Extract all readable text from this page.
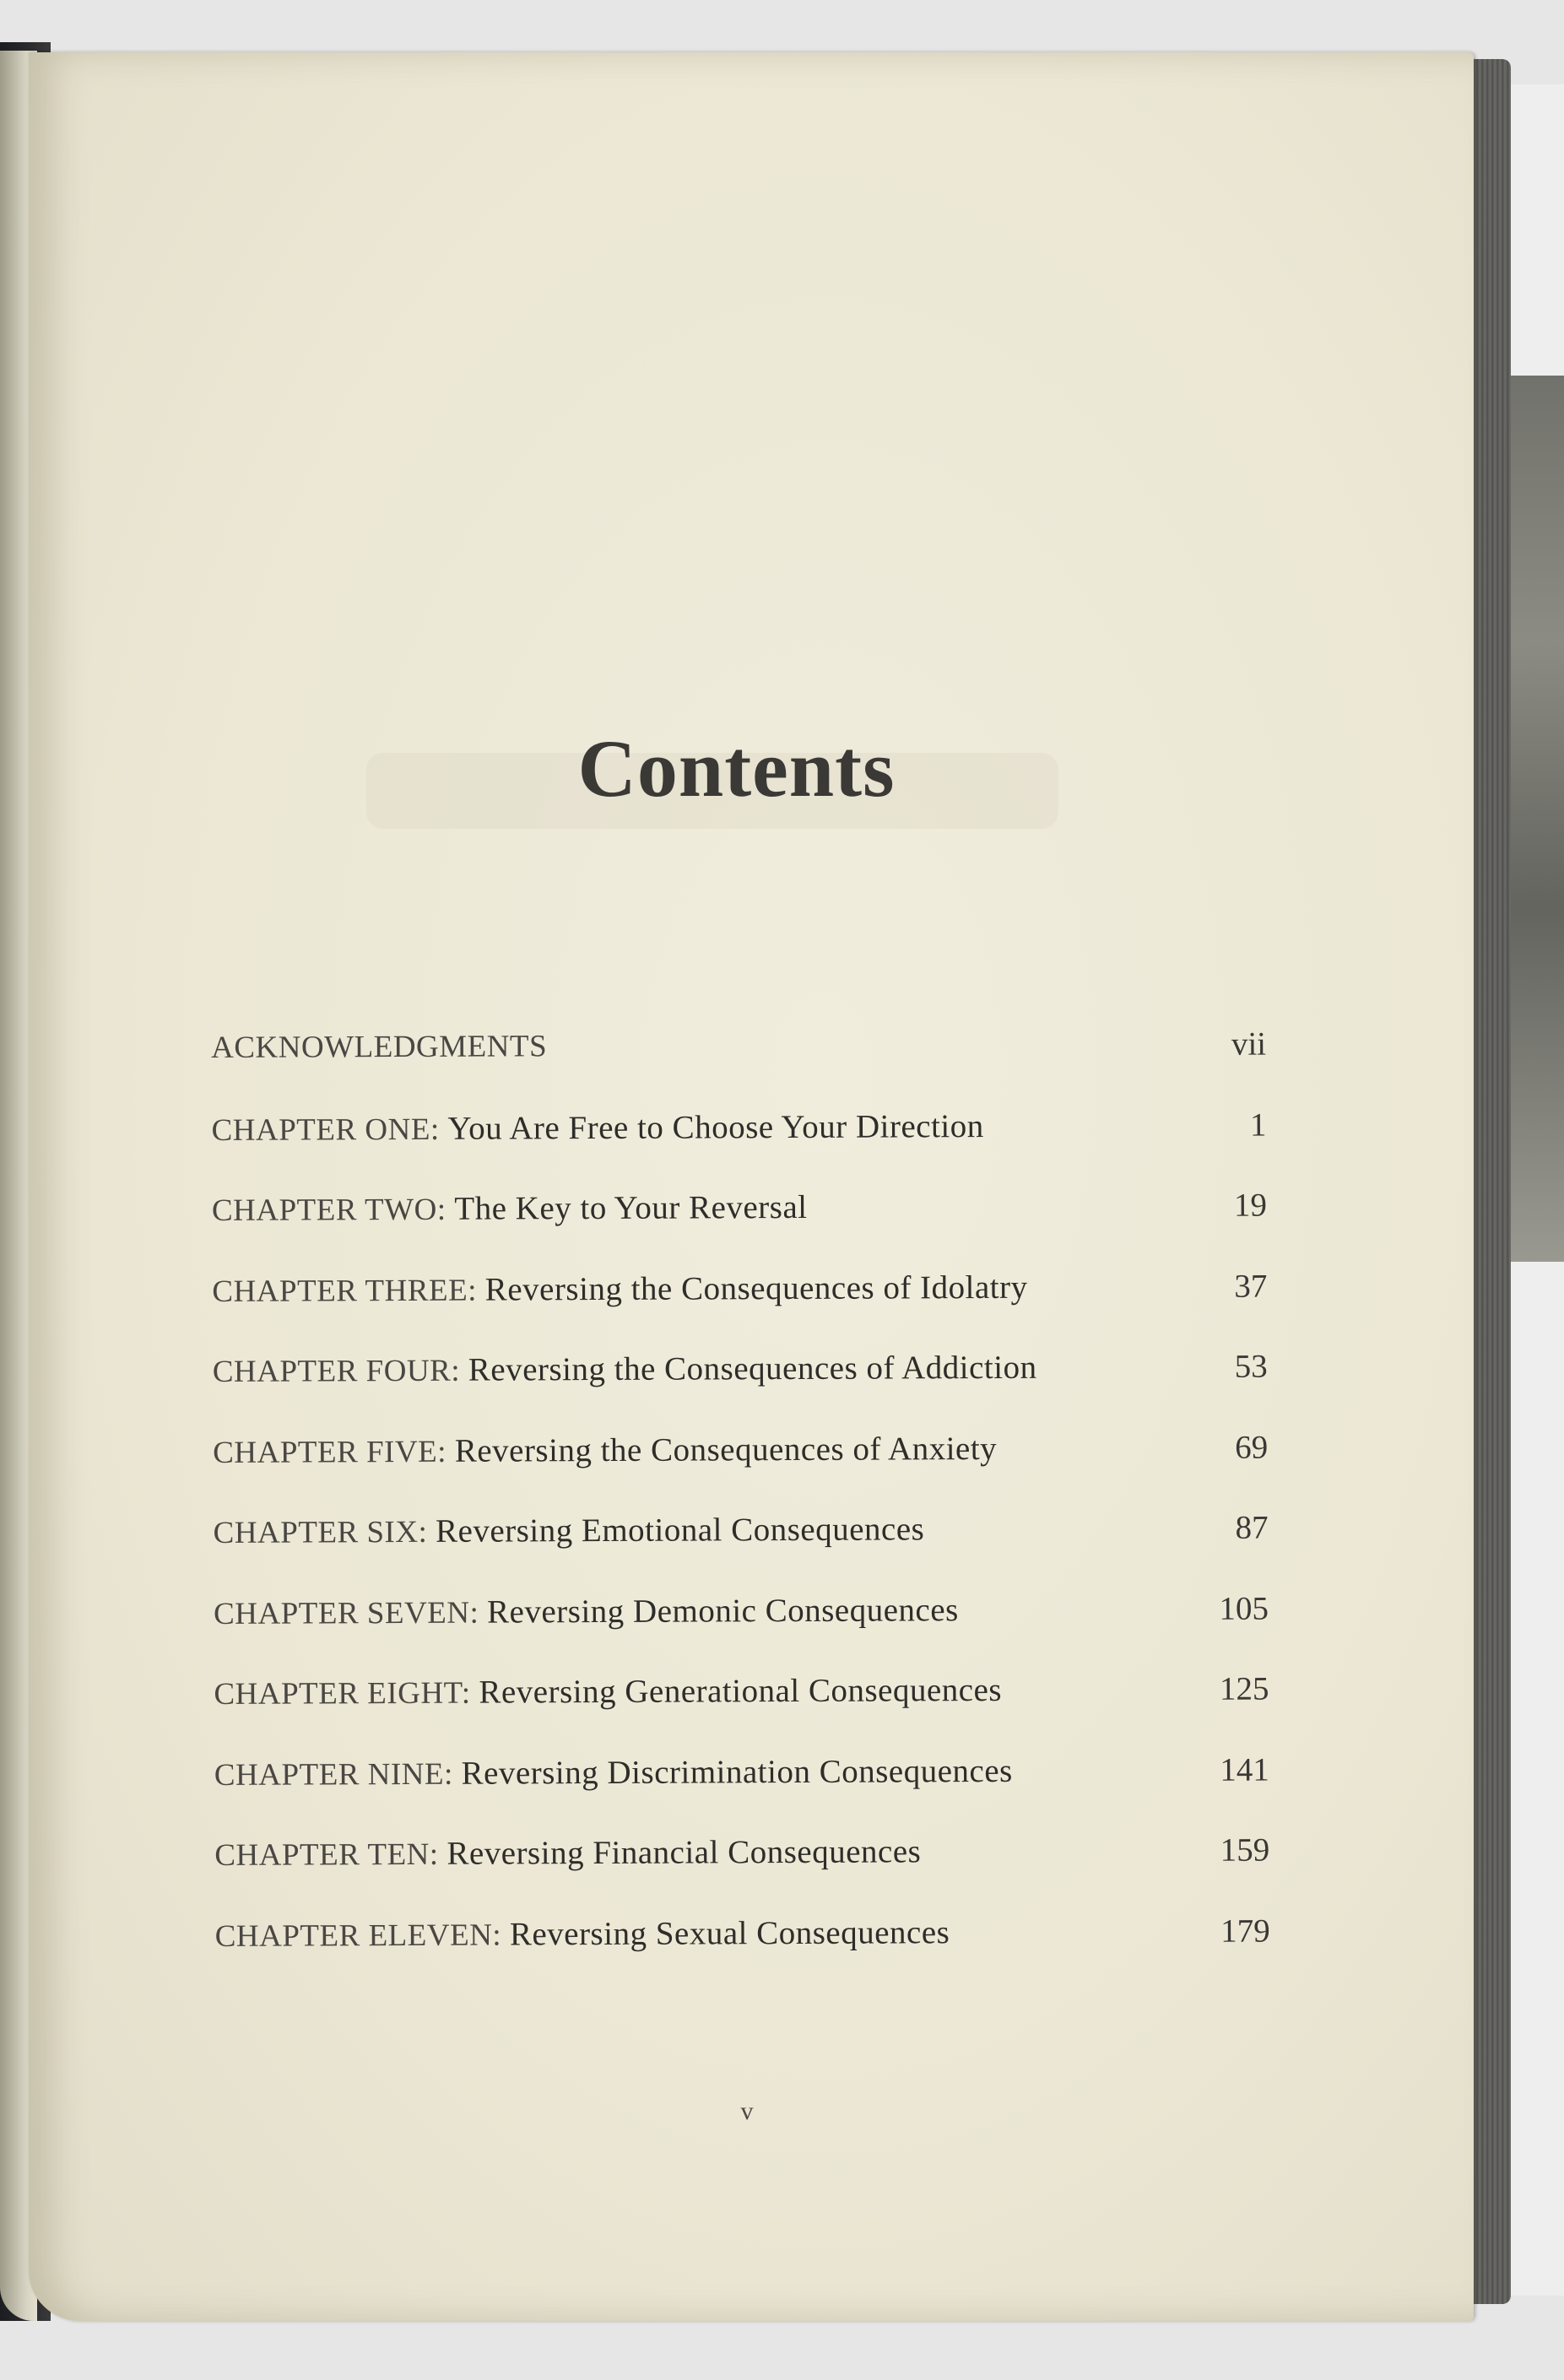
Contents
ACKNOWLEDGMENTS	vii
CHAPTER ONE: You Are Free to Choose Your Direction	1
CHAPTER TWO: The Key to Your Reversal	19
CHAPTER THREE: Reversing the Consequences of Idolatry	37
CHAPTER FOUR: Reversing the Consequences of Addiction	53
CHAPTER FIVE: Reversing the Consequences of Anxiety	69
CHAPTER SIX: Reversing Emotional Consequences	87
CHAPTER SEVEN: Reversing Demonic Consequences	105
CHAPTER EIGHT: Reversing Generational Consequences	125
CHAPTER NINE: Reversing Discrimination Consequences	141
CHAPTER TEN: Reversing Financial Consequences	159
CHAPTER ELEVEN: Reversing Sexual Consequences	179
v
